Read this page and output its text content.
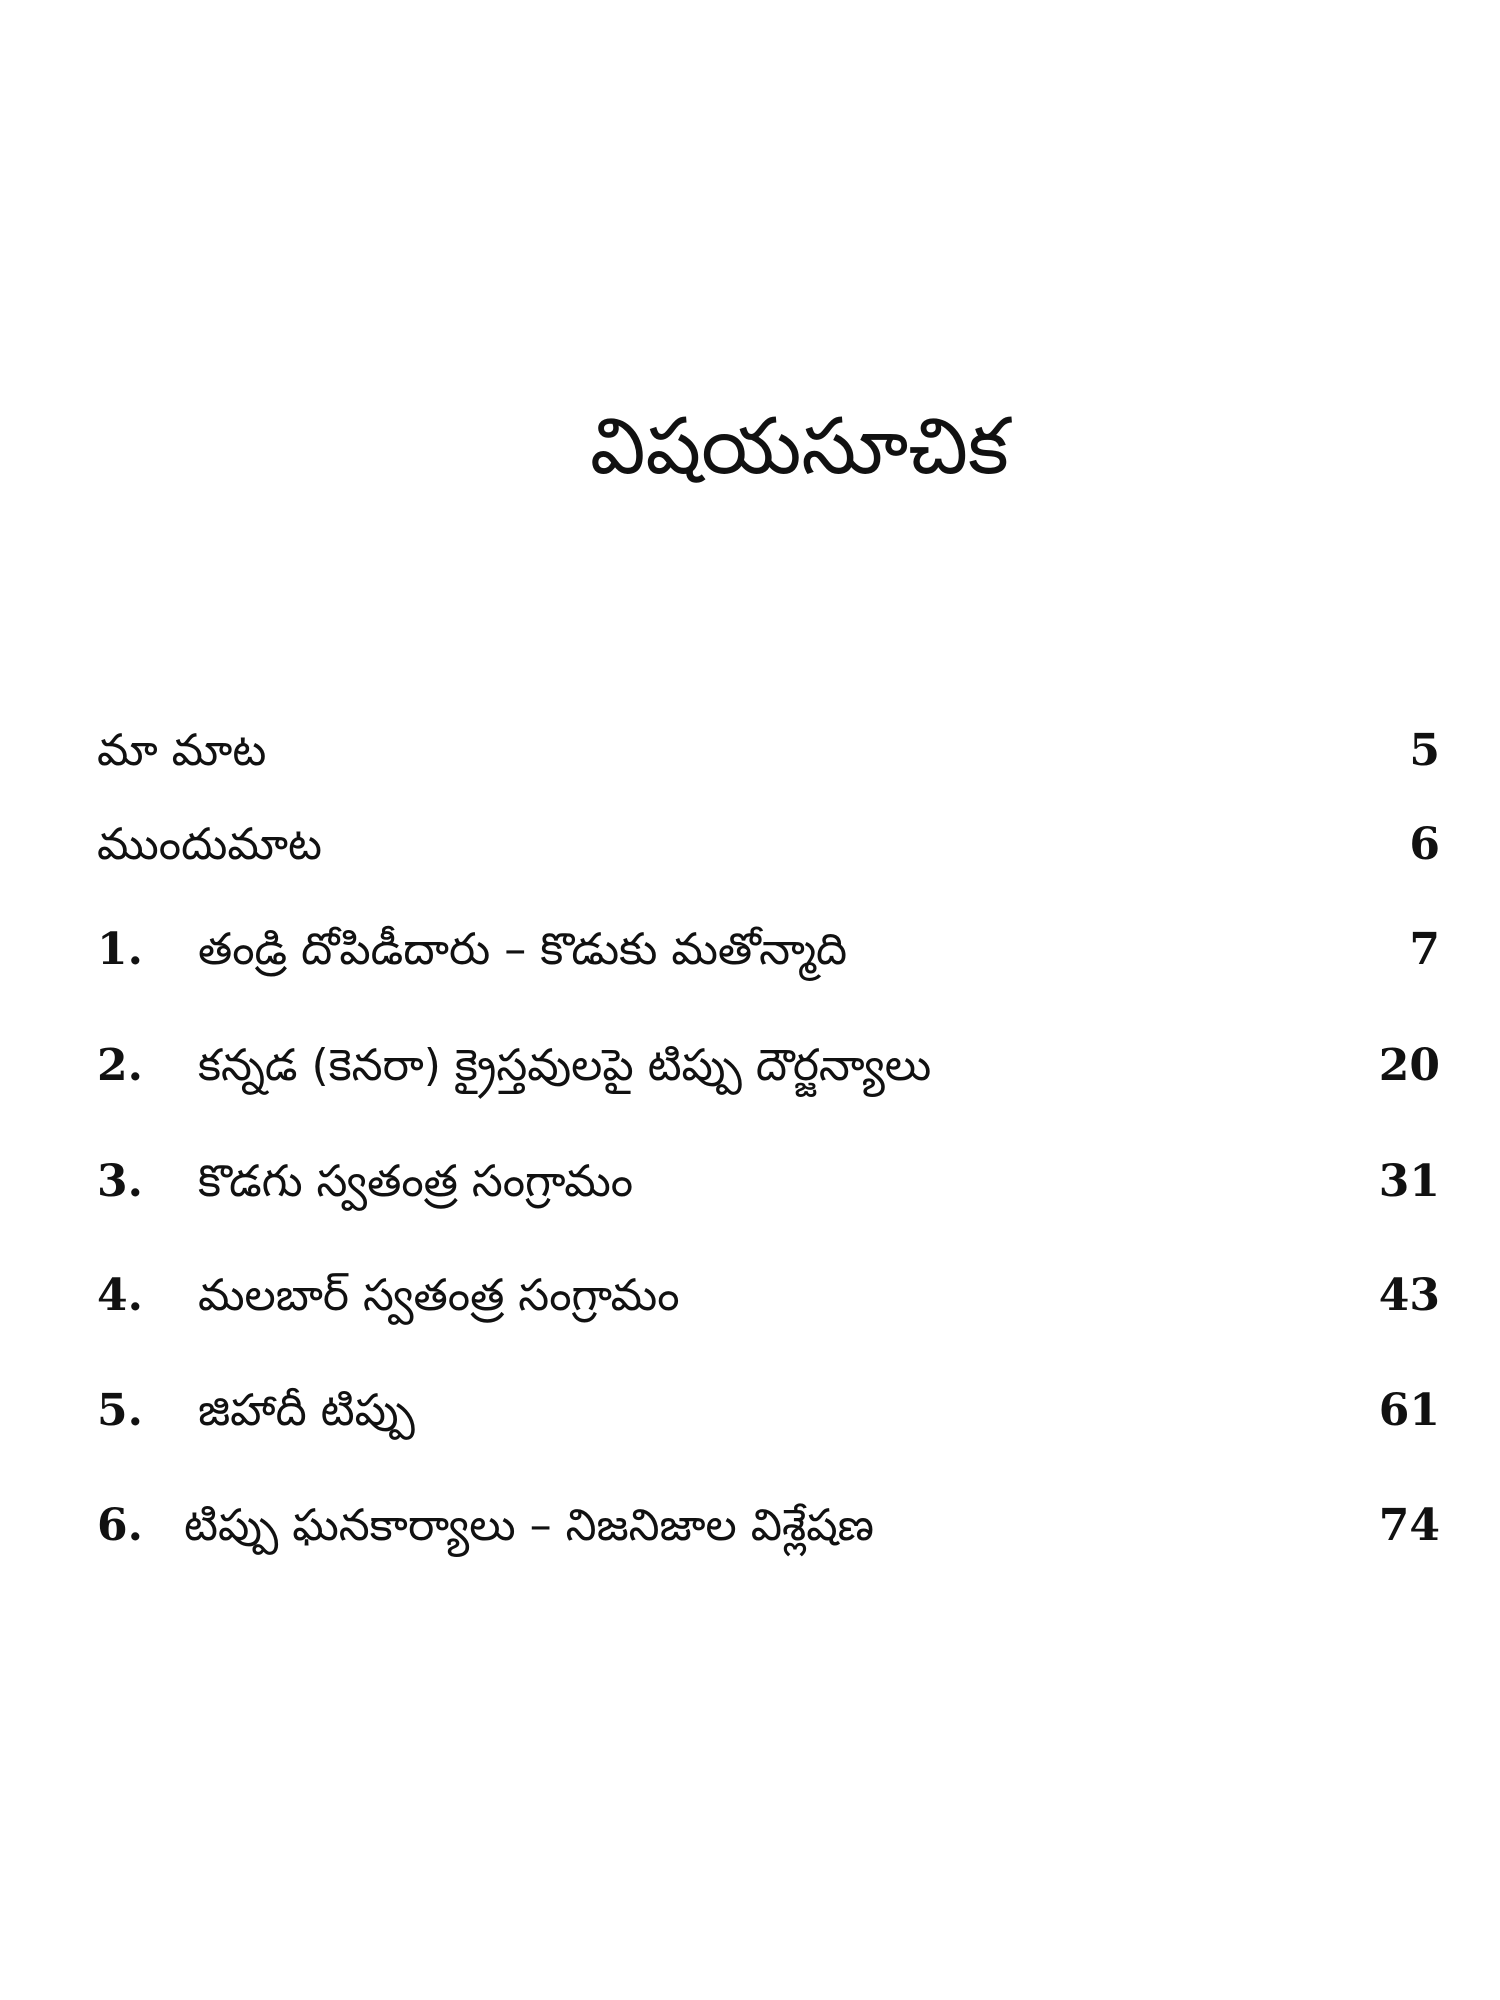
విషయసూచిక
మా మాట	5
ముందుమాట	6
1. తండ్రి దోపిడీదారు – కొడుకు మతోన్మాది	7
2. కన్నడ (కెనరా) క్రైస్తవులపై టిప్పు దౌర్జన్యాలు	20
3. కొడగు స్వతంత్ర సంగ్రామం	31
4. మలబార్ స్వతంత్ర సంగ్రామం	43
5. జిహాదీ టిప్పు	61
6. టిప్పు ఘనకార్యాలు – నిజనిజాల విశ్లేషణ	74
